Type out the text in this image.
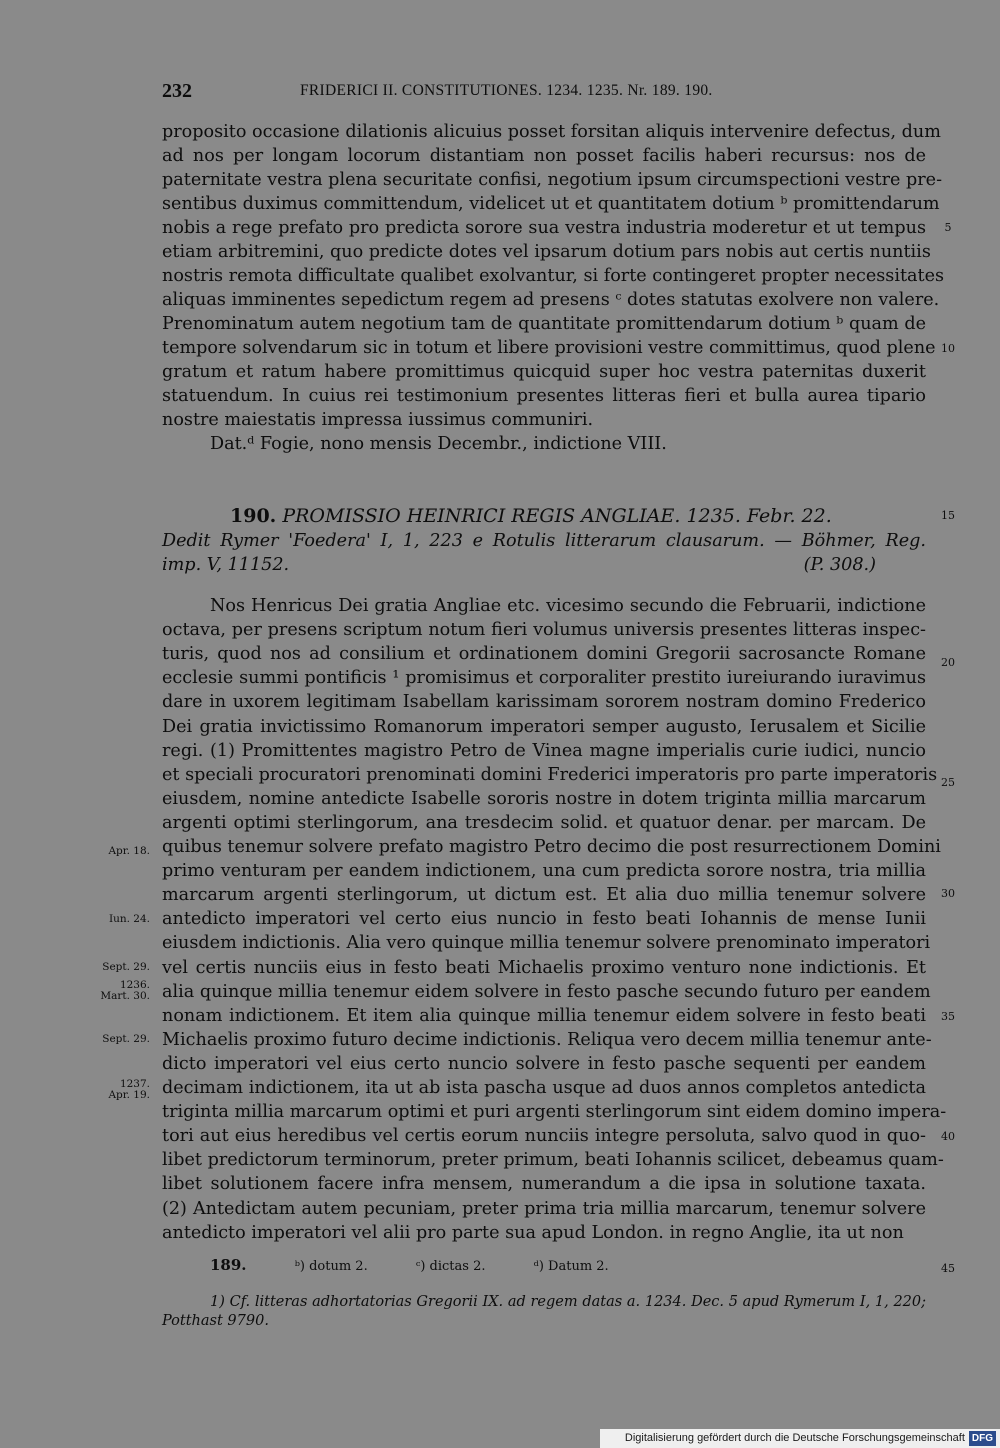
232	FRIDERICI II. CONSTITUTIONES. 1234. 1235. Nr. 189. 190.
proposito occasione dilationis alicuius posset forsitan aliquis intervenire defectus, dum
ad nos per longam locorum distantiam non posset facilis haberi recursus: nos de
paternitate vestra plena securitate confisi, negotium ipsum circumspectioni vestre pre-
sentibus duximus committendum, videlicet ut et quantitatem dotium ᵇ promittendarum
nobis a rege prefato pro predicta sorore sua vestra industria moderetur et ut tempus
etiam arbitremini, quo predicte dotes vel ipsarum dotium pars nobis aut certis nuntiis
nostris remota difficultate qualibet exolvantur, si forte contingeret propter necessitates
aliquas imminentes sepedictum regem ad presens ᶜ dotes statutas exolvere non valere.
Prenominatum autem negotium tam de quantitate promittendarum dotium ᵇ quam de
tempore solvendarum sic in totum et libere provisioni vestre committimus, quod plene
gratum et ratum habere promittimus quicquid super hoc vestra paternitas duxerit
statuendum. In cuius rei testimonium presentes litteras fieri et bulla aurea tipario
nostre maiestatis impressa iussimus communiri.
Dat.ᵈ Fogie, nono mensis Decembr., indictione VIII.
190. PROMISSIO HEINRICI REGIS ANGLIAE. 1235. Febr. 22.
Dedit Rymer 'Foedera' I, 1, 223 e Rotulis litterarum clausarum. — Böhmer, Reg.
imp. V, 11152.	(P. 308.)
Nos Henricus Dei gratia Angliae etc. vicesimo secundo die Februarii, indictione
octava, per presens scriptum notum fieri volumus universis presentes litteras inspec-
turis, quod nos ad consilium et ordinationem domini Gregorii sacrosancte Romane
ecclesie summi pontificis ¹ promisimus et corporaliter prestito iureiurando iuravimus
dare in uxorem legitimam Isabellam karissimam sororem nostram domino Frederico
Dei gratia invictissimo Romanorum imperatori semper augusto, Ierusalem et Sicilie
regi. (1) Promittentes magistro Petro de Vinea magne imperialis curie iudici, nuncio
et speciali procuratori prenominati domini Frederici imperatoris pro parte imperatoris
eiusdem, nomine antedicte Isabelle sororis nostre in dotem triginta millia marcarum
argenti optimi sterlingorum, ana tresdecim solid. et quatuor denar. per marcam. De
quibus tenemur solvere prefato magistro Petro decimo die post resurrectionem Domini
primo venturam per eandem indictionem, una cum predicta sorore nostra, tria millia
marcarum argenti sterlingorum, ut dictum est. Et alia duo millia tenemur solvere
antedicto imperatori vel certo eius nuncio in festo beati Iohannis de mense Iunii
eiusdem indictionis. Alia vero quinque millia tenemur solvere prenominato imperatori
vel certis nunciis eius in festo beati Michaelis proximo venturo none indictionis. Et
alia quinque millia tenemur eidem solvere in festo pasche secundo futuro per eandem
nonam indictionem. Et item alia quinque millia tenemur eidem solvere in festo beati
Michaelis proximo futuro decime indictionis. Reliqua vero decem millia tenemur ante-
dicto imperatori vel eius certo nuncio solvere in festo pasche sequenti per eandem
decimam indictionem, ita ut ab ista pascha usque ad duos annos completos antedicta
triginta millia marcarum optimi et puri argenti sterlingorum sint eidem domino impera-
tori aut eius heredibus vel certis eorum nunciis integre persoluta, salvo quod in quo-
libet predictorum terminorum, preter primum, beati Iohannis scilicet, debeamus quam-
libet solutionem facere infra mensem, numerandum a die ipsa in solutione taxata.
(2) Antedictam autem pecuniam, preter prima tria millia marcarum, tenemur solvere
antedicto imperatori vel alii pro parte sua apud London. in regno Anglie, ita ut non
5
10
15
20
25
30
35
40
45
Apr. 18.
Iun. 24.
Sept. 29.
1236.
Mart. 30.
Sept. 29.
1237.
Apr. 19.
189.	ᵇ) dotum 2.	ᶜ) dictas 2.	ᵈ) Datum 2.
1) Cf. litteras adhortatorias Gregorii IX. ad regem datas a. 1234. Dec. 5 apud Rymerum I, 1, 220;
Potthast 9790.
Digitalisierung gefördert durch die Deutsche Forschungsgemeinschaft DFG
